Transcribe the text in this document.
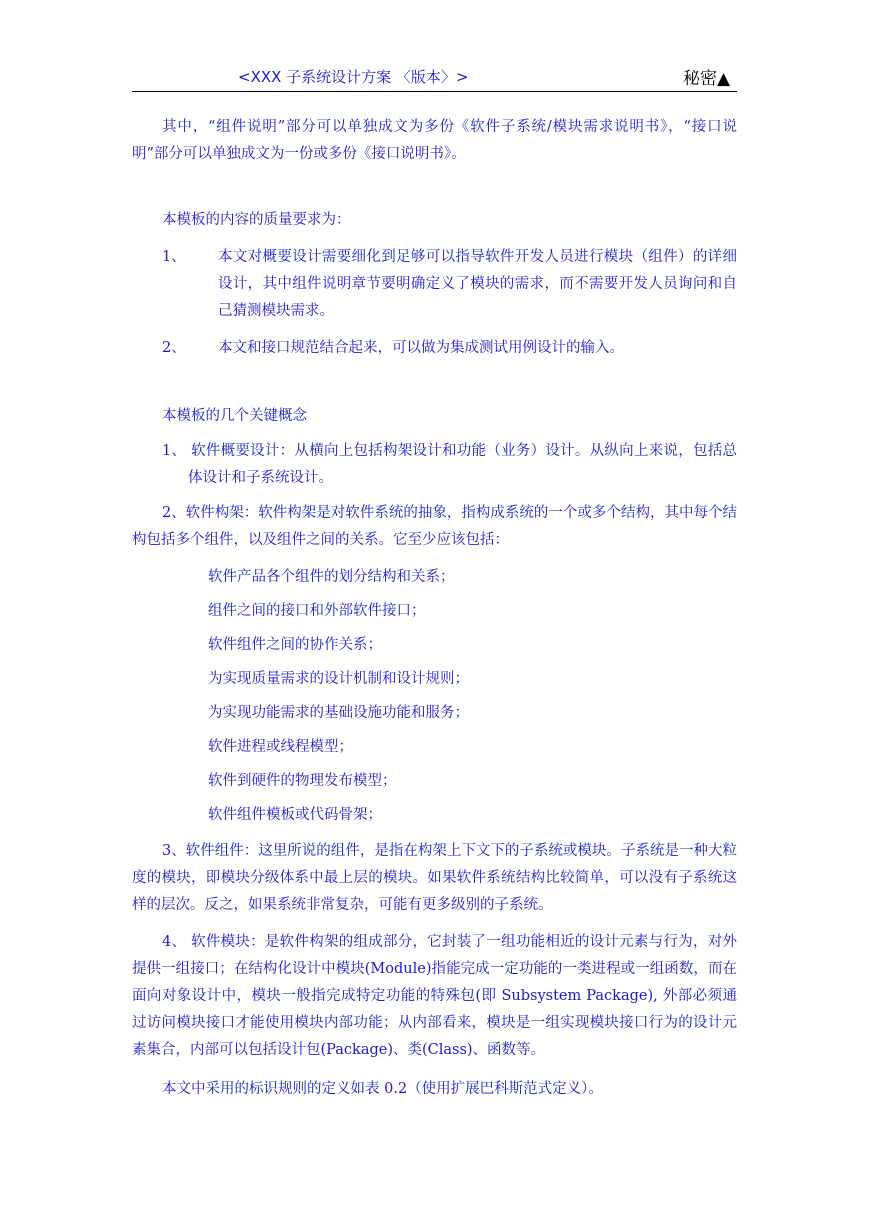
<XXX 子系统设计方案 〈版本〉>	秘密▲

其中，“组件说明”部分可以单独成文为多份《软件子系统/模块需求说明书》，“接口说明”部分可以单独成文为一份或多份《接口说明书》。

本模板的内容的质量要求为：

1、 本文对概要设计需要细化到足够可以指导软件开发人员进行模块（组件）的详细设计，其中组件说明章节要明确定义了模块的需求，而不需要开发人员询问和自己猜测模块需求。
2、 本文和接口规范结合起来，可以做为集成测试用例设计的输入。

本模板的几个关键概念

1、 软件概要设计：从横向上包括构架设计和功能（业务）设计。从纵向上来说，包括总体设计和子系统设计。

2、软件构架：软件构架是对软件系统的抽象，指构成系统的一个或多个结构，其中每个结构包括多个组件，以及组件之间的关系。它至少应该包括：

软件产品各个组件的划分结构和关系；

组件之间的接口和外部软件接口；

软件组件之间的协作关系；

为实现质量需求的设计机制和设计规则；

为实现功能需求的基础设施功能和服务；

软件进程或线程模型；

软件到硬件的物理发布模型；

软件组件模板或代码骨架；

3、软件组件：这里所说的组件，是指在构架上下文下的子系统或模块。子系统是一种大粒度的模块，即模块分级体系中最上层的模块。如果软件系统结构比较简单，可以没有子系统这样的层次。反之，如果系统非常复杂，可能有更多级别的子系统。

4、 软件模块：是软件构架的组成部分，它封装了一组功能相近的设计元素与行为，对外提供一组接口；在结构化设计中模块(Module)指能完成一定功能的一类进程或一组函数，而在面向对象设计中，模块一般指完成特定功能的特殊包(即 Subsystem Package), 外部必须通过访问模块接口才能使用模块内部功能；从内部看来，模块是一组实现模块接口行为的设计元素集合，内部可以包括设计包(Package)、类(Class)、函数等。

本文中采用的标识规则的定义如表 0.2（使用扩展巴科斯范式定义）。
